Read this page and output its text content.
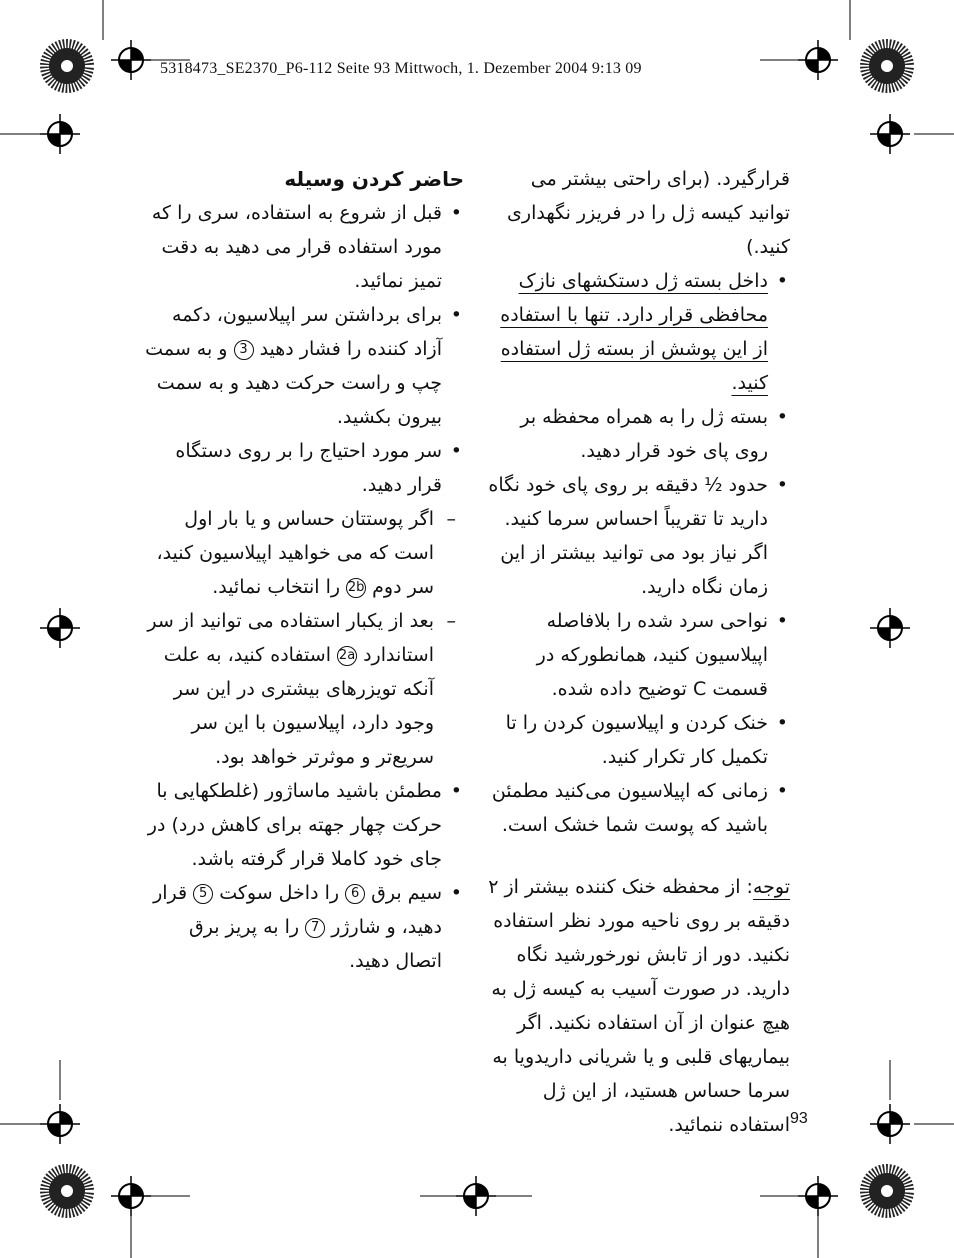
5318473_SE2370_P6-112 Seite 93 Mittwoch, 1. Dezember 2004 9:13 09

قرارگیرد. (برای راحتی بیشتر می توانید کیسه ژل را در فریزر نگهداری کنید.)

• داخل بسته ژل دستکشهای نازک محافظی قرار دارد. تنها با استفاده از این پوشش از بسته ژل استفاده کنید.
• بسته ژل را به همراه محفظه بر روی پای خود قرار دهید.
• حدود ½ دقیقه بر روی پای خود نگاه دارید تا تقریباً احساس سرما کنید. اگر نیاز بود می توانید بیشتر از این زمان نگاه دارید.
• نواحی سرد شده را بلافاصله اپیلاسیون کنید، همانطورکه در قسمت C توضیح داده شده.
• خنک کردن و اپیلاسیون کردن را تا تکمیل کار تکرار کنید.
• زمانی که اپیلاسیون می‌کنید مطمئن باشید که پوست شما خشک است.

توجه: از محفظه خنک کننده بیشتر از ۲ دقیقه بر روی ناحیه مورد نظر استفاده نکنید. دور از تابش نورخورشید نگاه دارید. در صورت آسیب به کیسه ژل به هیچ عنوان از آن استفاده نکنید. اگر بیماریهای قلبی و یا شریانی داریدویا به سرما حساس هستید، از این ژل استفاده ننمائید.

حاضر کردن وسیله

• قبل از شروع به استفاده، سری را که مورد استفاده قرار می دهید به دقت تمیز نمائید.
• برای برداشتن سر اپیلاسیون، دکمه آزاد کننده را فشار دهید 3 و به سمت چپ و راست حرکت دهید و به سمت بیرون بکشید.
• سر مورد احتیاج را بر روی دستگاه قرار دهید.
– اگر پوستتان حساس و یا بار اول است که می خواهید اپیلاسیون کنید، سر دوم 2b را انتخاب نمائید.
– بعد از یکبار استفاده می توانید از سر استاندارد 2a استفاده کنید، به علت آنکه تویزرهای بیشتری در این سر وجود دارد، اپیلاسیون با این سر سریع‌تر و موثرتر خواهد بود.
• مطمئن باشید ماساژور (غلطکهایی با حرکت چهار جهته برای کاهش درد) در جای خود کاملا قرار گرفته باشد.
• سیم برق 6 را داخل سوکت 5 قرار دهید، و شارژر 7 را به پریز برق اتصال دهید.
93
